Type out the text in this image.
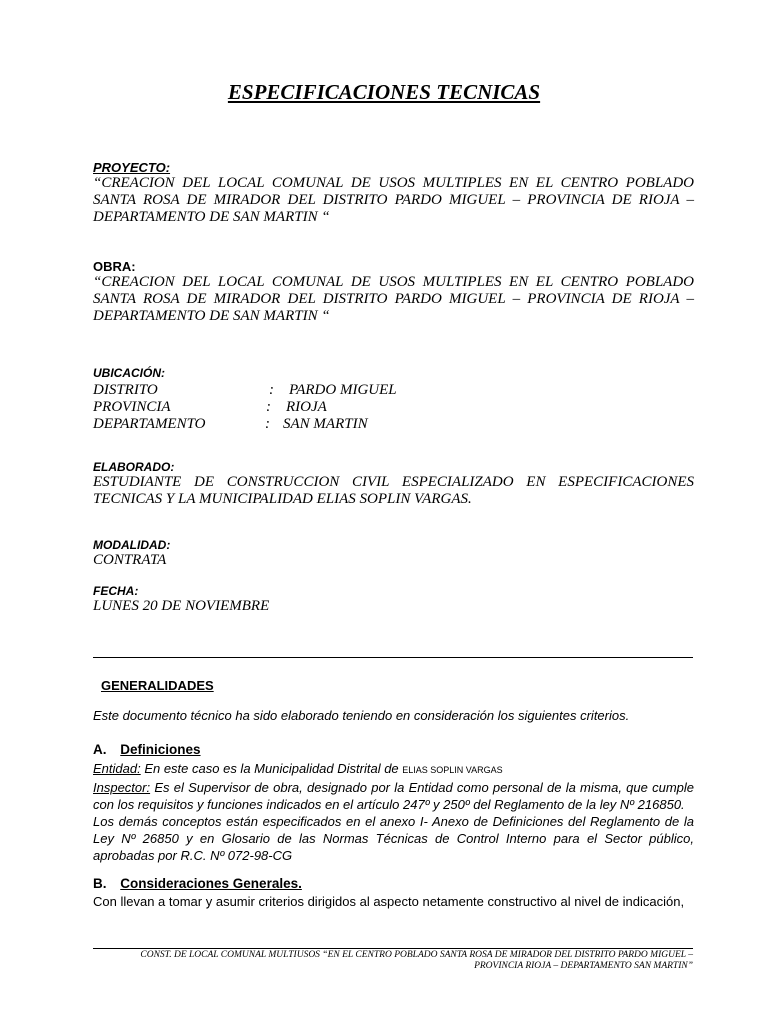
ESPECIFICACIONES TECNICAS
PROYECTO:
“CREACION DEL LOCAL COMUNAL DE USOS MULTIPLES EN EL CENTRO POBLADO SANTA ROSA DE MIRADOR DEL DISTRITO PARDO MIGUEL – PROVINCIA DE RIOJA – DEPARTAMENTO DE SAN MARTIN “
OBRA:
“CREACION DEL LOCAL COMUNAL DE USOS MULTIPLES EN EL CENTRO POBLADO SANTA ROSA DE MIRADOR DEL DISTRITO PARDO MIGUEL – PROVINCIA DE RIOJA – DEPARTAMENTO DE SAN MARTIN “
UBICACIÓN:
DISTRITO	: PARDO MIGUEL
PROVINCIA	: RIOJA
DEPARTAMENTO	: SAN MARTIN
ELABORADO:
ESTUDIANTE DE CONSTRUCCION CIVIL ESPECIALIZADO EN ESPECIFICACIONES TECNICAS Y LA MUNICIPALIDAD ELIAS SOPLIN VARGAS.
MODALIDAD:
CONTRATA
FECHA:
LUNES 20 DE NOVIEMBRE
GENERALIDADES
Este documento técnico ha sido elaborado teniendo en consideración los siguientes criterios.
A. Definiciones
Entidad: En este caso es la Municipalidad Distrital de ELIAS SOPLIN VARGAS
Inspector: Es el Supervisor de obra, designado por la Entidad como personal de la misma, que cumple con los requisitos y funciones indicados en el artículo 247º y 250º del Reglamento de la ley Nº 216850.
Los demás conceptos están especificados en el anexo I- Anexo de Definiciones del Reglamento de la Ley Nº 26850 y en Glosario de las Normas Técnicas de Control Interno para el Sector público, aprobadas por R.C. Nº 072-98-CG
B. Consideraciones Generales.
Con llevan a tomar y asumir criterios dirigidos al aspecto netamente constructivo al nivel de indicación,
CONST. DE LOCAL COMUNAL MULTIUSOS “EN EL CENTRO POBLADO SANTA ROSA DE MIRADOR DEL DISTRITO PARDO MIGUEL –
PROVINCIA RIOJA – DEPARTAMENTO SAN MARTIN”
